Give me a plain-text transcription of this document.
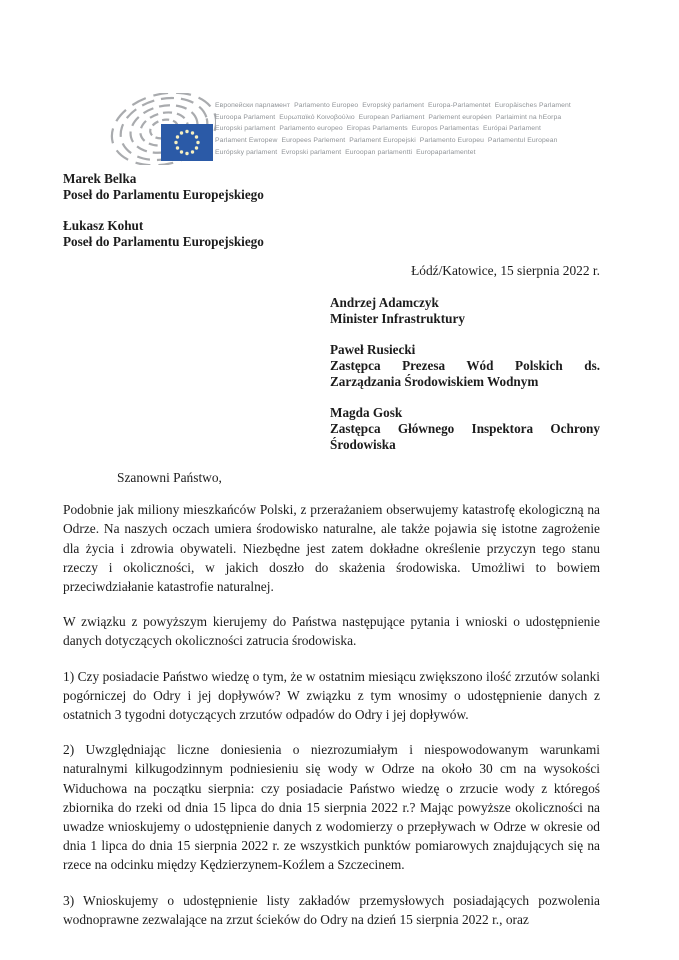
Европейски парламент  Parlamento Europeo  Evropský parlament  Europa-Parlamentet  Europäisches Parlament
Euroopa Parlament  Ευρωπαϊκό Κοινοβούλιο  European Parliament  Parlement européen  Parlaimint na hEorpa
Europski parlament  Parlamento europeo  Eiropas Parlaments  Europos Parlamentas  Európai Parlament
Parlament Ewropew  Europees Parlement  Parlament Europejski  Parlamento Europeu  Parlamentul European
Európsky parlament  Evropski parlament  Euroopan parlamentti  Europaparlamentet
Marek Belka
Poseł do Parlamentu Europejskiego
Łukasz Kohut
Poseł do Parlamentu Europejskiego
Łódź/Katowice, 15 sierpnia 2022 r.
Andrzej Adamczyk
Minister Infrastruktury
Paweł Rusiecki
Zastępca Prezesa Wód Polskich ds. Zarządzania Środowiskiem Wodnym
Magda Gosk
Zastępca Głównego Inspektora Ochrony Środowiska

Szanowni Państwo,

Podobnie jak miliony mieszkańców Polski, z przerażaniem obserwujemy katastrofę ekologiczną na Odrze. Na naszych oczach umiera środowisko naturalne, ale także pojawia się istotne zagrożenie dla życia i zdrowia obywateli. Niezbędne jest zatem dokładne określenie przyczyn tego stanu rzeczy i okoliczności, w jakich doszło do skażenia środowiska. Umożliwi to bowiem przeciwdziałanie katastrofie naturalnej.

W związku z powyższym kierujemy do Państwa następujące pytania i wnioski o udostępnienie danych dotyczących okoliczności zatrucia środowiska.

1) Czy posiadacie Państwo wiedzę o tym, że w ostatnim miesiącu zwiększono ilość zrzutów solanki pogórniczej do Odry i jej dopływów? W związku z tym wnosimy o udostępnienie danych z ostatnich 3 tygodni dotyczących zrzutów odpadów do Odry i jej dopływów.

2) Uwzględniając liczne doniesienia o niezrozumiałym i niespowodowanym warunkami naturalnymi kilkugodzinnym podniesieniu się wody w Odrze na około 30 cm na wysokości Widuchowa na początku sierpnia: czy posiadacie Państwo wiedzę o zrzucie wody z któregoś zbiornika do rzeki od dnia 15 lipca do dnia 15 sierpnia 2022 r.? Mając powyższe okoliczności na uwadze wnioskujemy o udostępnienie danych z wodomierzy o przepływach w Odrze w okresie od dnia 1 lipca do dnia 15 sierpnia 2022 r. ze wszystkich punktów pomiarowych znajdujących się na rzece na odcinku między Kędzierzynem-Koźlem a Szczecinem.

3) Wnioskujemy o udostępnienie listy zakładów przemysłowych posiadających pozwolenia wodnoprawne zezwalające na zrzut ścieków do Odry na dzień 15 sierpnia 2022 r., oraz
